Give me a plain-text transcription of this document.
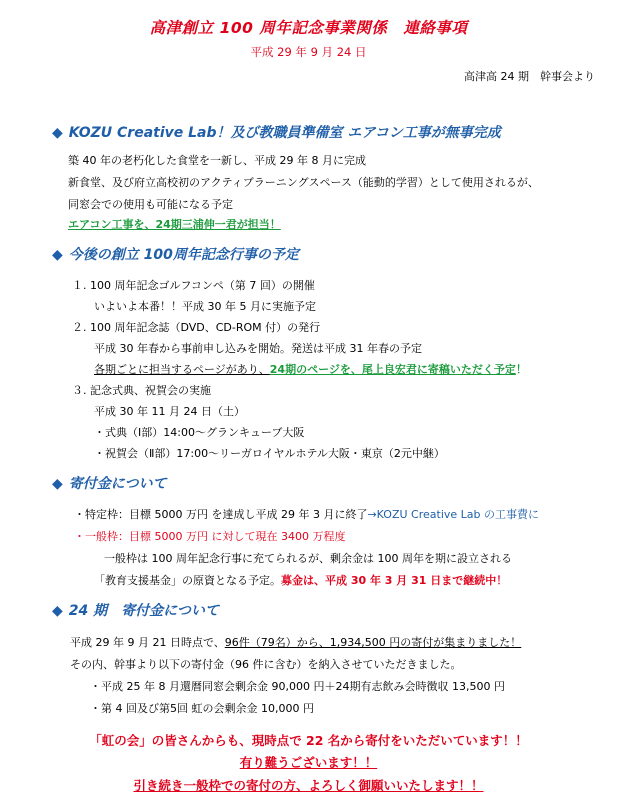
高津創立 100 周年記念事業関係　連絡事項
平成 29 年 9 月 24 日
高津高 24 期　幹事会より
◆ KOZU Creative Lab！及び教職員準備室 エアコン工事が無事完成
築 40 年の老朽化した食堂を一新し、平成 29 年 8 月に完成
新食堂、及び府立高校初のアクティブラーニングスペース（能動的学習）として使用されるが、
同窓会での使用も可能になる予定
エアコン工事を、24期三浦伸一君が担当！
◆ 今後の創立 100周年記念行事の予定
１. 100 周年記念ゴルフコンペ（第 7 回）の開催
いよいよ本番！！平成 30 年 5 月に実施予定
２. 100 周年記念誌（DVD、CD-ROM 付）の発行
平成 30 年春から事前申し込みを開始。発送は平成 31 年春の予定
各期ごとに担当するページがあり、24期のページを、尾上良宏君に寄稿いただく予定！
３. 記念式典、祝賀会の実施
平成 30 年 11 月 24 日（土）
・式典（Ⅰ部）14:00～グランキューブ大阪
・祝賀会（Ⅱ部）17:00～リーガロイヤルホテル大阪・東京（2元中継）
◆ 寄付金について
・特定枠：目標 5000 万円 を達成し平成 29 年 3 月に終了→KOZU Creative Lab の工事費に
・一般枠：目標 5000 万円 に対して現在 3400 万程度
一般枠は 100 周年記念行事に充てられるが、剰余金は 100 周年を期に設立される
「教育支援基金」の原資となる予定。募金は、平成 30 年 3 月 31 日まで継続中！
◆ 24 期　寄付金について
平成 29 年 9 月 21 日時点で、96件（79名）から、1,934,500 円の寄付が集まりました！
その内、幹事より以下の寄付金（96 件に含む）を納入させていただきました。
・平成 25 年 8 月還暦同窓会剰余金 90,000 円＋24期有志飲み会時徴収 13,500 円
・第 4 回及び第5回 虹の会剰余金 10,000 円
「虹の会」の皆さんからも、現時点で 22 名から寄付をいただいています！！
有り難うございます！！
引き続き一般枠での寄付の方、よろしく御願いいたします！！
